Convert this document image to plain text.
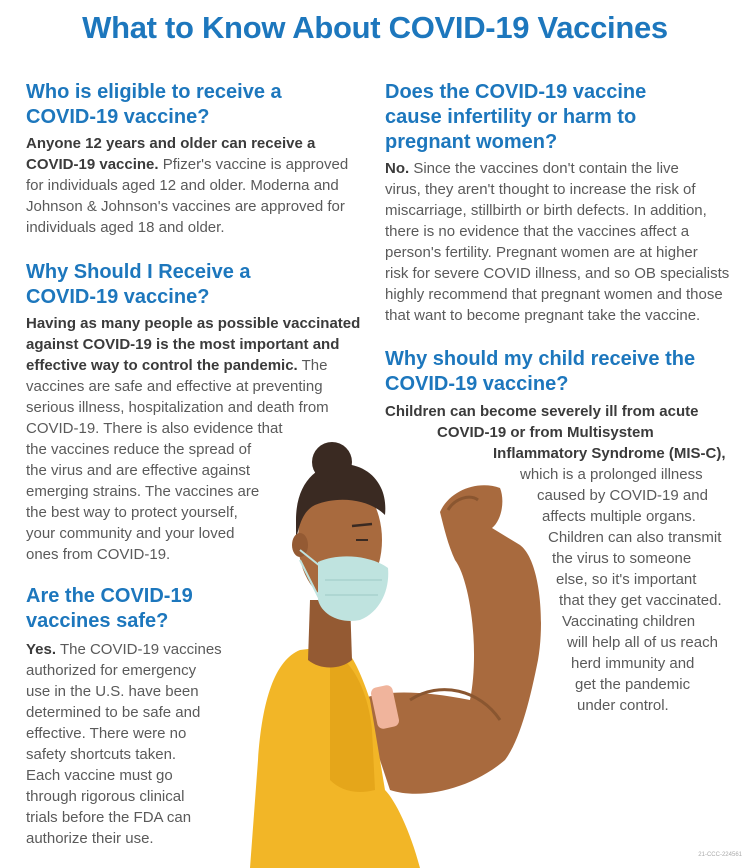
What to Know About COVID-19 Vaccines
Who is eligible to receive a
COVID-19 vaccine?
Anyone 12 years and older can receive a
COVID-19 vaccine. Pfizer's vaccine is approved
for individuals aged 12 and older. Moderna and
Johnson & Johnson's vaccines are approved for
individuals aged 18 and older.
Why Should I Receive a
COVID-19 vaccine?
Having as many people as possible vaccinated
against COVID-19 is the most important and
effective way to control the pandemic. The
vaccines are safe and effective at preventing
serious illness, hospitalization and death from
COVID-19. There is also evidence that
the vaccines reduce the spread of
the virus and are effective against
emerging strains. The vaccines are
the best way to protect yourself,
your community and your loved
ones from COVID-19.
Are the COVID-19
vaccines safe?
Yes. The COVID-19 vaccines
authorized for emergency
use in the U.S. have been
determined to be safe and
effective. There were no
safety shortcuts taken.
Each vaccine must go
through rigorous clinical
trials before the FDA can
authorize their use.
Does the COVID-19 vaccine
cause infertility or harm to
pregnant women?
No. Since the vaccines don't contain the live
virus, they aren't thought to increase the risk of
miscarriage, stillbirth or birth defects. In addition,
there is no evidence that the vaccines affect a
person's fertility. Pregnant women are at higher
risk for severe COVID illness, and so OB specialists
highly recommend that pregnant women and those
that want to become pregnant take the vaccine.
Why should my child receive the
COVID-19 vaccine?
Children can become severely ill from acute
COVID-19 or from Multisystem
Inflammatory Syndrome (MIS-C),
which is a prolonged illness
caused by COVID-19 and
affects multiple organs.
Children can also transmit
the virus to someone
else, so it's important
that they get vaccinated.
Vaccinating children
will help all of us reach
herd immunity and
get the pandemic
under control.
21-CCC-224561
